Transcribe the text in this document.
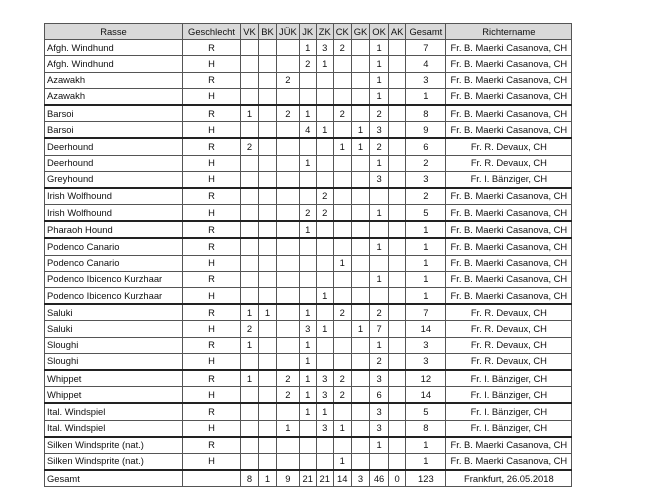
Rasse	Geschlecht	VK	BK	JÜK	JK	ZK	CK	GK	OK	AK	Gesamt	Richtername
Afgh. Windhund	R				1	3	2		1		7	Fr. B. Maerki Casanova, CH
Afgh. Windhund	H				2	1			1		4	Fr. B. Maerki Casanova, CH
Azawakh	R			2					1		3	Fr. B. Maerki Casanova, CH
Azawakh	H								1		1	Fr. B. Maerki Casanova, CH
Barsoi	R	1		2	1		2		2		8	Fr. B. Maerki Casanova, CH
Barsoi	H				4	1		1	3		9	Fr. B. Maerki Casanova, CH
Deerhound	R	2					1	1	2		6	Fr. R. Devaux, CH
Deerhound	H				1				1		2	Fr. R. Devaux, CH
Greyhound	H								3		3	Fr. I. Bänziger, CH
Irish Wolfhound	R					2					2	Fr. B. Maerki Casanova, CH
Irish Wolfhound	H				2	2			1		5	Fr. B. Maerki Casanova, CH
Pharaoh Hound	R				1						1	Fr. B. Maerki Casanova, CH
Podenco Canario	R								1		1	Fr. B. Maerki Casanova, CH
Podenco Canario	H						1				1	Fr. B. Maerki Casanova, CH
Podenco Ibicenco Kurzhaar	R								1		1	Fr. B. Maerki Casanova, CH
Podenco Ibicenco Kurzhaar	H					1					1	Fr. B. Maerki Casanova, CH
Saluki	R	1	1		1		2		2		7	Fr. R. Devaux, CH
Saluki	H	2			3	1		1	7		14	Fr. R. Devaux, CH
Sloughi	R	1			1				1		3	Fr. R. Devaux, CH
Sloughi	H				1				2		3	Fr. R. Devaux, CH
Whippet	R	1		2	1	3	2		3		12	Fr. I. Bänziger, CH
Whippet	H			2	1	3	2		6		14	Fr. I. Bänziger, CH
Ital. Windspiel	R				1	1			3		5	Fr. I. Bänziger, CH
Ital. Windspiel	H			1		3	1		3		8	Fr. I. Bänziger, CH
Silken Windsprite (nat.)	R								1		1	Fr. B. Maerki Casanova, CH
Silken Windsprite (nat.)	H						1				1	Fr. B. Maerki Casanova, CH
Gesamt		8	1	9	21	21	14	3	46	0	123	Frankfurt, 26.05.2018
